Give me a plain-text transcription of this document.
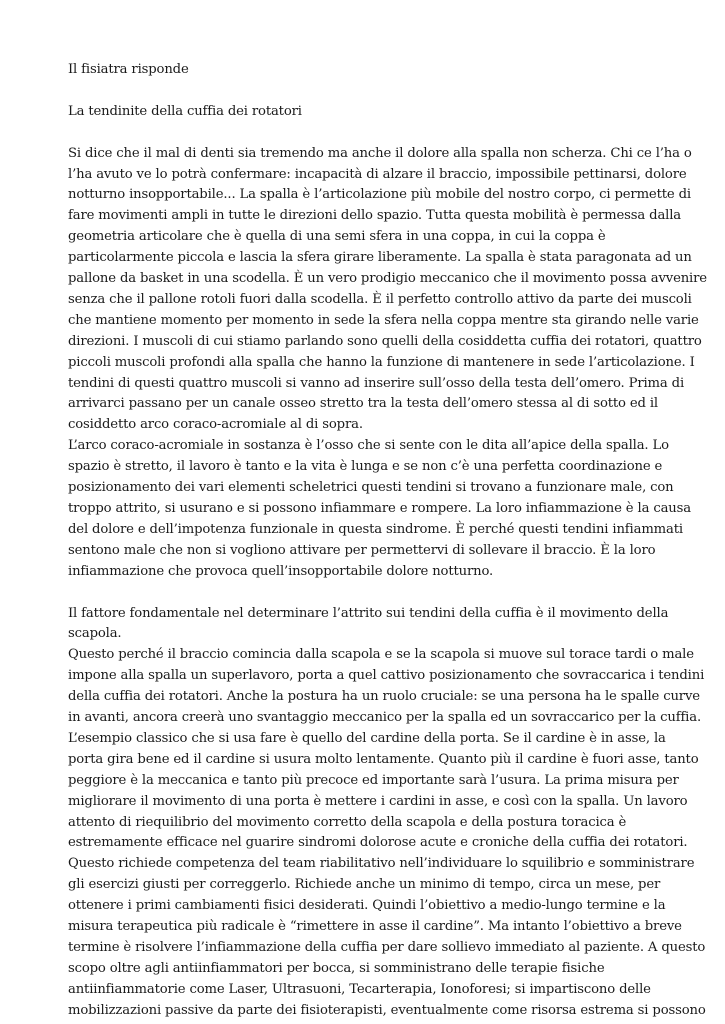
Il fisiatra risponde
La tendinite della cuffia dei rotatori
Si dice che il mal di denti sia tremendo ma anche il dolore alla spalla non scherza. Chi ce l’ha o
l’ha avuto ve lo potrà confermare: incapacità di alzare il braccio, impossibile pettinarsi, dolore
notturno insopportabile... La spalla è l’articolazione più mobile del nostro corpo, ci permette di
fare movimenti ampli in tutte le direzioni dello spazio. Tutta questa mobilità è permessa dalla
geometria articolare che è quella di una semi sfera in una coppa, in cui la coppa è
particolarmente piccola e lascia la sfera girare liberamente. La spalla è stata paragonata ad un
pallone da basket in una scodella. È un vero prodigio meccanico che il movimento possa avvenire
senza che il pallone rotoli fuori dalla scodella. È il perfetto controllo attivo da parte dei muscoli
che mantiene momento per momento in sede la sfera nella coppa mentre sta girando nelle varie
direzioni. I muscoli di cui stiamo parlando sono quelli della cosiddetta cuffia dei rotatori, quattro
piccoli muscoli profondi alla spalla che hanno la funzione di mantenere in sede l’articolazione. I
tendini di questi quattro muscoli si vanno ad inserire sull’osso della testa dell’omero. Prima di
arrivarci passano per un canale osseo stretto tra la testa dell’omero stessa al di sotto ed il
cosiddetto arco coraco-acromiale al di sopra.
L’arco coraco-acromiale in sostanza è l’osso che si sente con le dita all’apice della spalla. Lo
spazio è stretto, il lavoro è tanto e la vita è lunga e se non c’è una perfetta coordinazione e
posizionamento dei vari elementi scheletrici questi tendini si trovano a funzionare male, con
troppo attrito, si usurano e si possono infiammare e rompere. La loro infiammazione è la causa
del dolore e dell’impotenza funzionale in questa sindrome. È perché questi tendini infiammati
sentono male che non si vogliono attivare per permettervi di sollevare il braccio. È la loro
infiammazione che provoca quell’insopportabile dolore notturno.
Il fattore fondamentale nel determinare l’attrito sui tendini della cuffia è il movimento della
scapola.
Questo perché il braccio comincia dalla scapola e se la scapola si muove sul torace tardi o male
impone alla spalla un superlavoro, porta a quel cattivo posizionamento che sovraccarica i tendini
della cuffia dei rotatori. Anche la postura ha un ruolo cruciale: se una persona ha le spalle curve
in avanti, ancora creerà uno svantaggio meccanico per la spalla ed un sovraccarico per la cuffia.
L’esempio classico che si usa fare è quello del cardine della porta. Se il cardine è in asse, la
porta gira bene ed il cardine si usura molto lentamente. Quanto più il cardine è fuori asse, tanto
peggiore è la meccanica e tanto più precoce ed importante sarà l’usura. La prima misura per
migliorare il movimento di una porta è mettere i cardini in asse, e così con la spalla. Un lavoro
attento di riequilibrio del movimento corretto della scapola e della postura toracica è
estremamente efficace nel guarire sindromi dolorose acute e croniche della cuffia dei rotatori.
Questo richiede competenza del team riabilitativo nell’individuare lo squilibrio e somministrare
gli esercizi giusti per correggerlo. Richiede anche un minimo di tempo, circa un mese, per
ottenere i primi cambiamenti fisici desiderati. Quindi l’obiettivo a medio-lungo termine e la
misura terapeutica più radicale è “rimettere in asse il cardine”. Ma intanto l’obiettivo a breve
termine è risolvere l’infiammazione della cuffia per dare sollievo immediato al paziente. A questo
scopo oltre agli antiinfiammatori per bocca, si somministrano delle terapie fisiche
antiinfiammatorie come Laser, Ultrasuoni, Tecarterapia, Ionoforesi; si impartiscono delle
mobilizzazioni passive da parte dei fisioterapisti, eventualmente come risorsa estrema si possono
